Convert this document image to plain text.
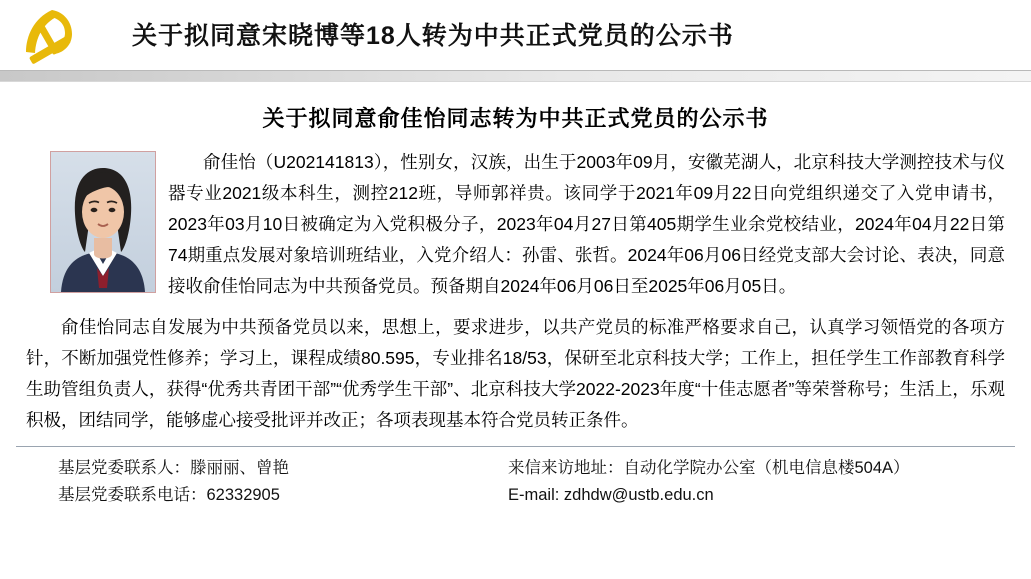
关于拟同意宋晓博等18人转为中共正式党员的公示书
关于拟同意俞佳怡同志转为中共正式党员的公示书

俞佳怡（U202141813），性别女，汉族，出生于2003年09月，安徽芜湖人，北京科技大学测控技术与仪器专业2021级本科生，测控212班，导师郭祥贵。该同学于2021年09月22日向党组织递交了入党申请书，2023年03月10日被确定为入党积极分子，2023年04月27日第405期学生业余党校结业，2024年04月22日第74期重点发展对象培训班结业，入党介绍人：孙雷、张哲。2024年06月06日经党支部大会讨论、表决，同意接收俞佳怡同志为中共预备党员。预备期自2024年06月06日至2025年06月05日。

俞佳怡同志自发展为中共预备党员以来，思想上，要求进步，以共产党员的标准严格要求自己，认真学习领悟党的各项方针，不断加强党性修养；学习上，课程成绩80.595，专业排名18/53，保研至北京科技大学；工作上，担任学生工作部教育科学生助管组负责人，获得“优秀共青团干部”“优秀学生干部”、北京科技大学2022-2023年度“十佳志愿者”等荣誉称号；生活上，乐观积极，团结同学，能够虚心接受批评并改正；各项表现基本符合党员转正条件。

基层党委联系人：滕丽丽、曾艳
基层党委联系电话：62332905
来信来访地址：自动化学院办公室（机电信息楼504A）
E-mail: zdhdw@ustb.edu.cn
